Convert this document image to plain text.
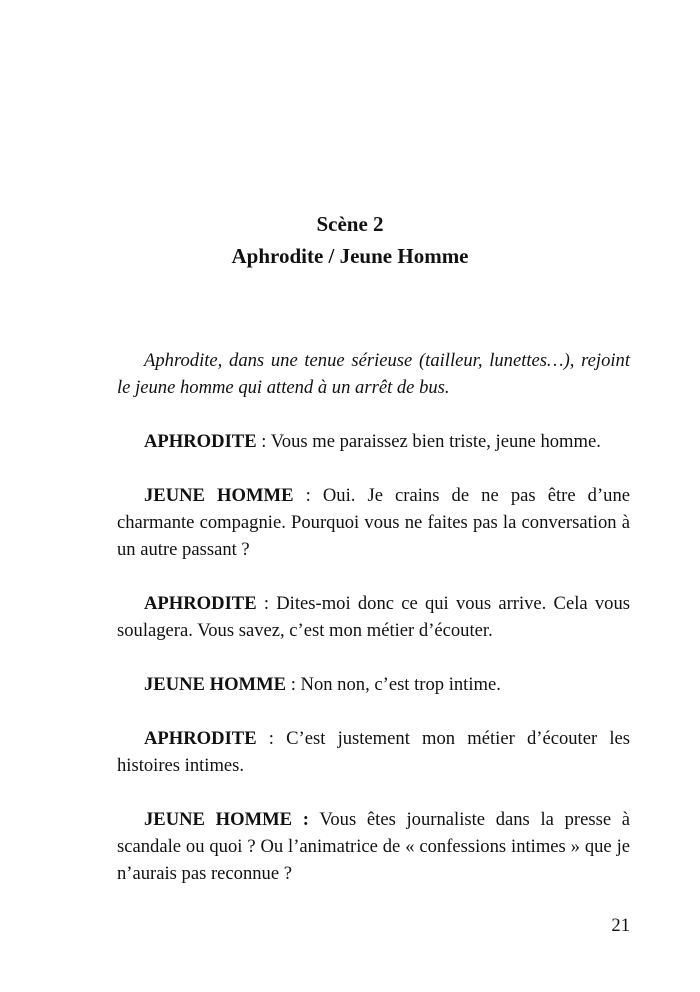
Scène 2
Aphrodite / Jeune Homme

Aphrodite, dans une tenue sérieuse (tailleur, lunettes…), rejoint le jeune homme qui attend à un arrêt de bus.

APHRODITE : Vous me paraissez bien triste, jeune homme.

JEUNE HOMME : Oui. Je crains de ne pas être d’une charmante compagnie. Pourquoi vous ne faites pas la conversation à un autre passant ?

APHRODITE : Dites-moi donc ce qui vous arrive. Cela vous soulagera. Vous savez, c’est mon métier d’écouter.

JEUNE HOMME : Non non, c’est trop intime.

APHRODITE : C’est justement mon métier d’écouter les histoires intimes.

JEUNE HOMME : Vous êtes journaliste dans la presse à scandale ou quoi ? Ou l’animatrice de « confessions intimes » que je n’aurais pas reconnue ?

21
